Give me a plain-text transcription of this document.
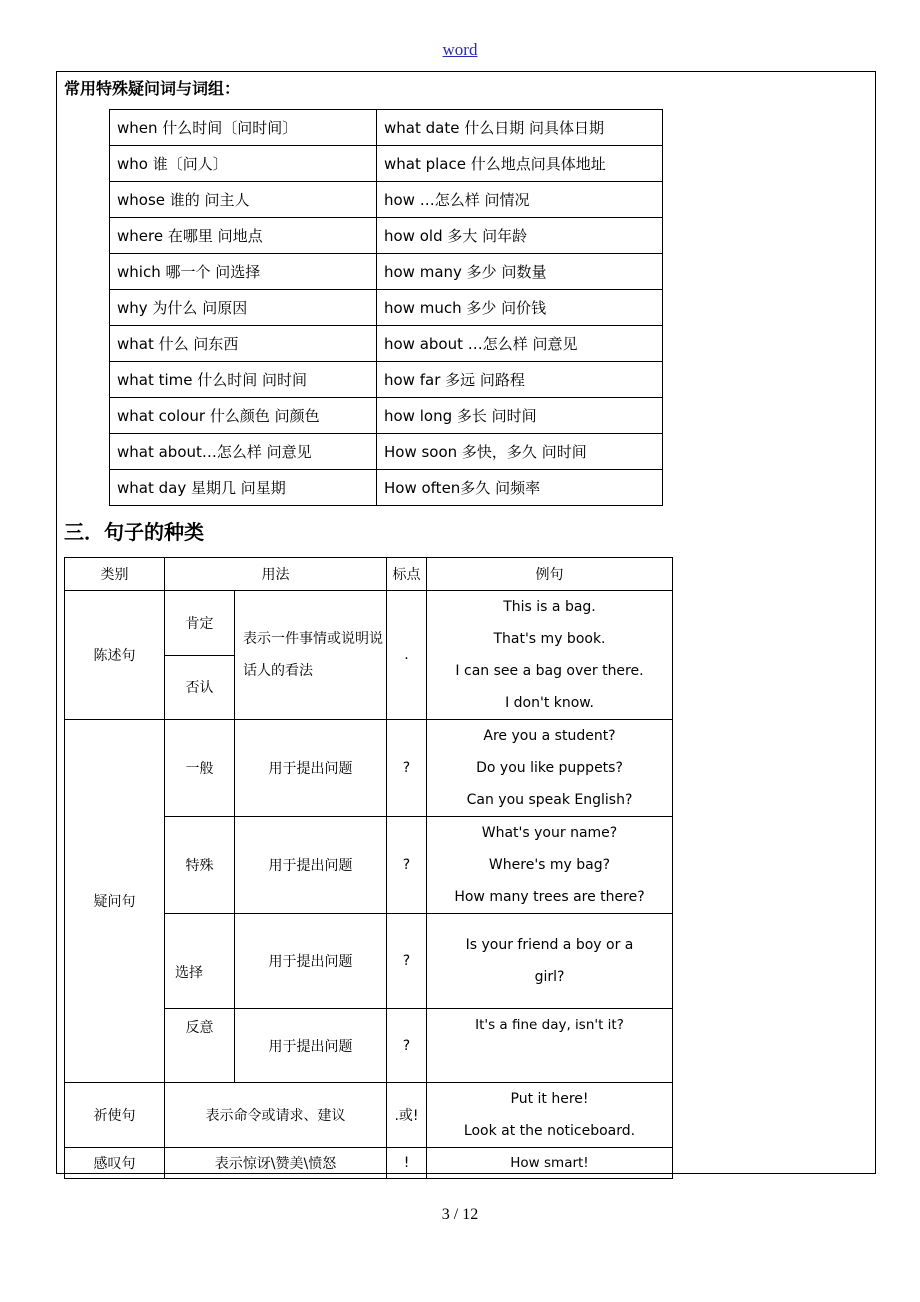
word
常用特殊疑问词与词组：
when 什么时间〔问时间〕	what date 什么日期 问具体日期
who 谁〔问人〕	what place 什么地点问具体地址
whose 谁的 问主人	how …怎么样 问情况
where 在哪里 问地点	how old 多大 问年龄
which 哪一个 问选择	how many 多少 问数量
why 为什么 问原因	how much 多少 问价钱
what 什么 问东西	how about …怎么样 问意见
what time 什么时间 问时间	how far 多远 问路程
what colour 什么颜色 问颜色	how long 多长 问时间
what about…怎么样 问意见	How soon 多快，多久 问时间
what day 星期几 问星期	How often多久 问频率
三．句子的种类
类别	用法		标点	例句
陈述句	肯定	表示一件事情或说明说话人的看法	.	This is a bag.
That's my book.
I can see a bag over there.
I don't know.

	否认			
疑问句	一般	用于提出问题	?	Are you a student?
Do you like puppets?
Can you speak English?

	特殊	用于提出问题	?	What's your name?
Where's my bag?
How many trees are there?

	选择	用于提出问题	?	Is your friend a boy or a
girl?

	反意	用于提出问题	?	It's a fine day, isn't it?
祈使句	表示命令或请求、建议		.或!	Put it here!
Look at the noticeboard.

感叹句	表示惊讶\赞美\愤怒		!	How smart!
3 / 12
